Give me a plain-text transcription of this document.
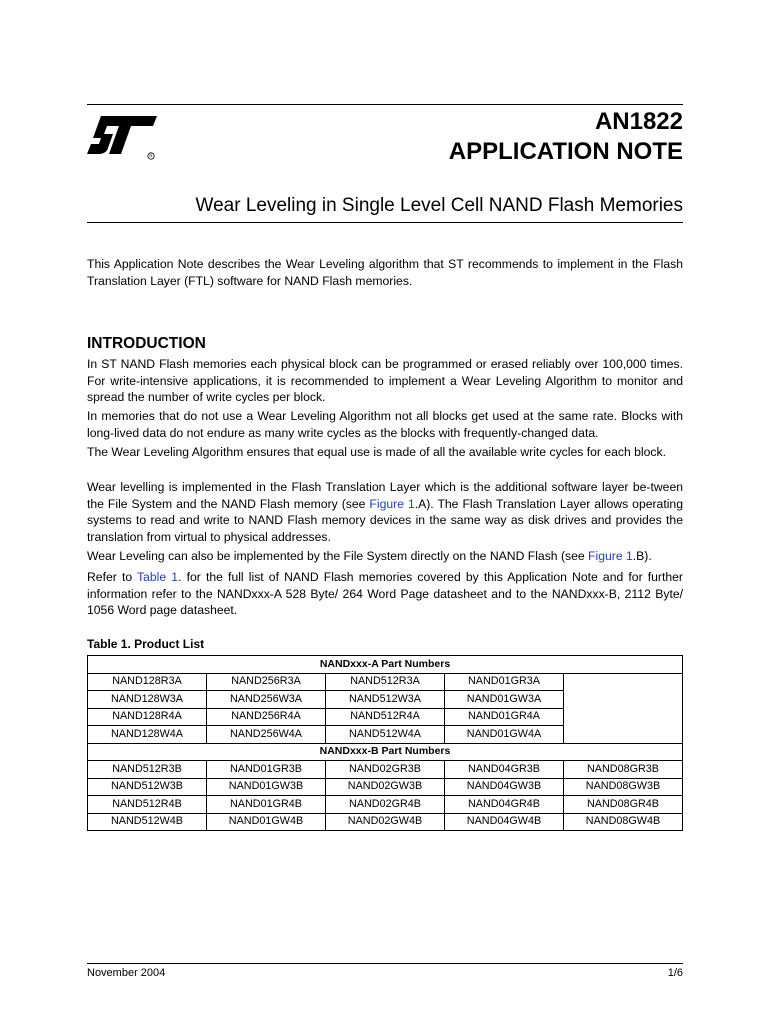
R
AN1822
APPLICATION NOTE
Wear Leveling in Single Level Cell NAND Flash Memories

This Application Note describes the Wear Leveling algorithm that ST recommends to implement in the Flash Translation Layer (FTL) software for NAND Flash memories.

INTRODUCTION

In ST NAND Flash memories each physical block can be programmed or erased reliably over 100,000 times. For write-intensive applications, it is recommended to implement a Wear Leveling Algorithm to monitor and spread the number of write cycles per block.

In memories that do not use a Wear Leveling Algorithm not all blocks get used at the same rate. Blocks with long-lived data do not endure as many write cycles as the blocks with frequently-changed data.

The Wear Leveling Algorithm ensures that equal use is made of all the available write cycles for each block.

Wear levelling is implemented in the Flash Translation Layer which is the additional software layer be-tween the File System and the NAND Flash memory (see Figure 1.A). The Flash Translation Layer allows operating systems to read and write to NAND Flash memory devices in the same way as disk drives and provides the translation from virtual to physical addresses.

Wear Leveling can also be implemented by the File System directly on the NAND Flash (see Figure 1.B).

Refer to Table 1. for the full list of NAND Flash memories covered by this Application Note and for further information refer to the NANDxxx-A 528 Byte/ 264 Word Page datasheet and to the NANDxxx-B, 2112 Byte/ 1056 Word page datasheet.

Table 1. Product List
NANDxxx-A Part Numbers				
NAND128R3A	NAND256R3A	NAND512R3A	NAND01GR3A	
NAND128W3A	NAND256W3A	NAND512W3A	NAND01GW3A	
NAND128R4A	NAND256R4A	NAND512R4A	NAND01GR4A	
NAND128W4A	NAND256W4A	NAND512W4A	NAND01GW4A	
NANDxxx-B Part Numbers				
NAND512R3B	NAND01GR3B	NAND02GR3B	NAND04GR3B	NAND08GR3B
NAND512W3B	NAND01GW3B	NAND02GW3B	NAND04GW3B	NAND08GW3B
NAND512R4B	NAND01GR4B	NAND02GR4B	NAND04GR4B	NAND08GR4B
NAND512W4B	NAND01GW4B	NAND02GW4B	NAND04GW4B	NAND08GW4B
November 2004	1/6
